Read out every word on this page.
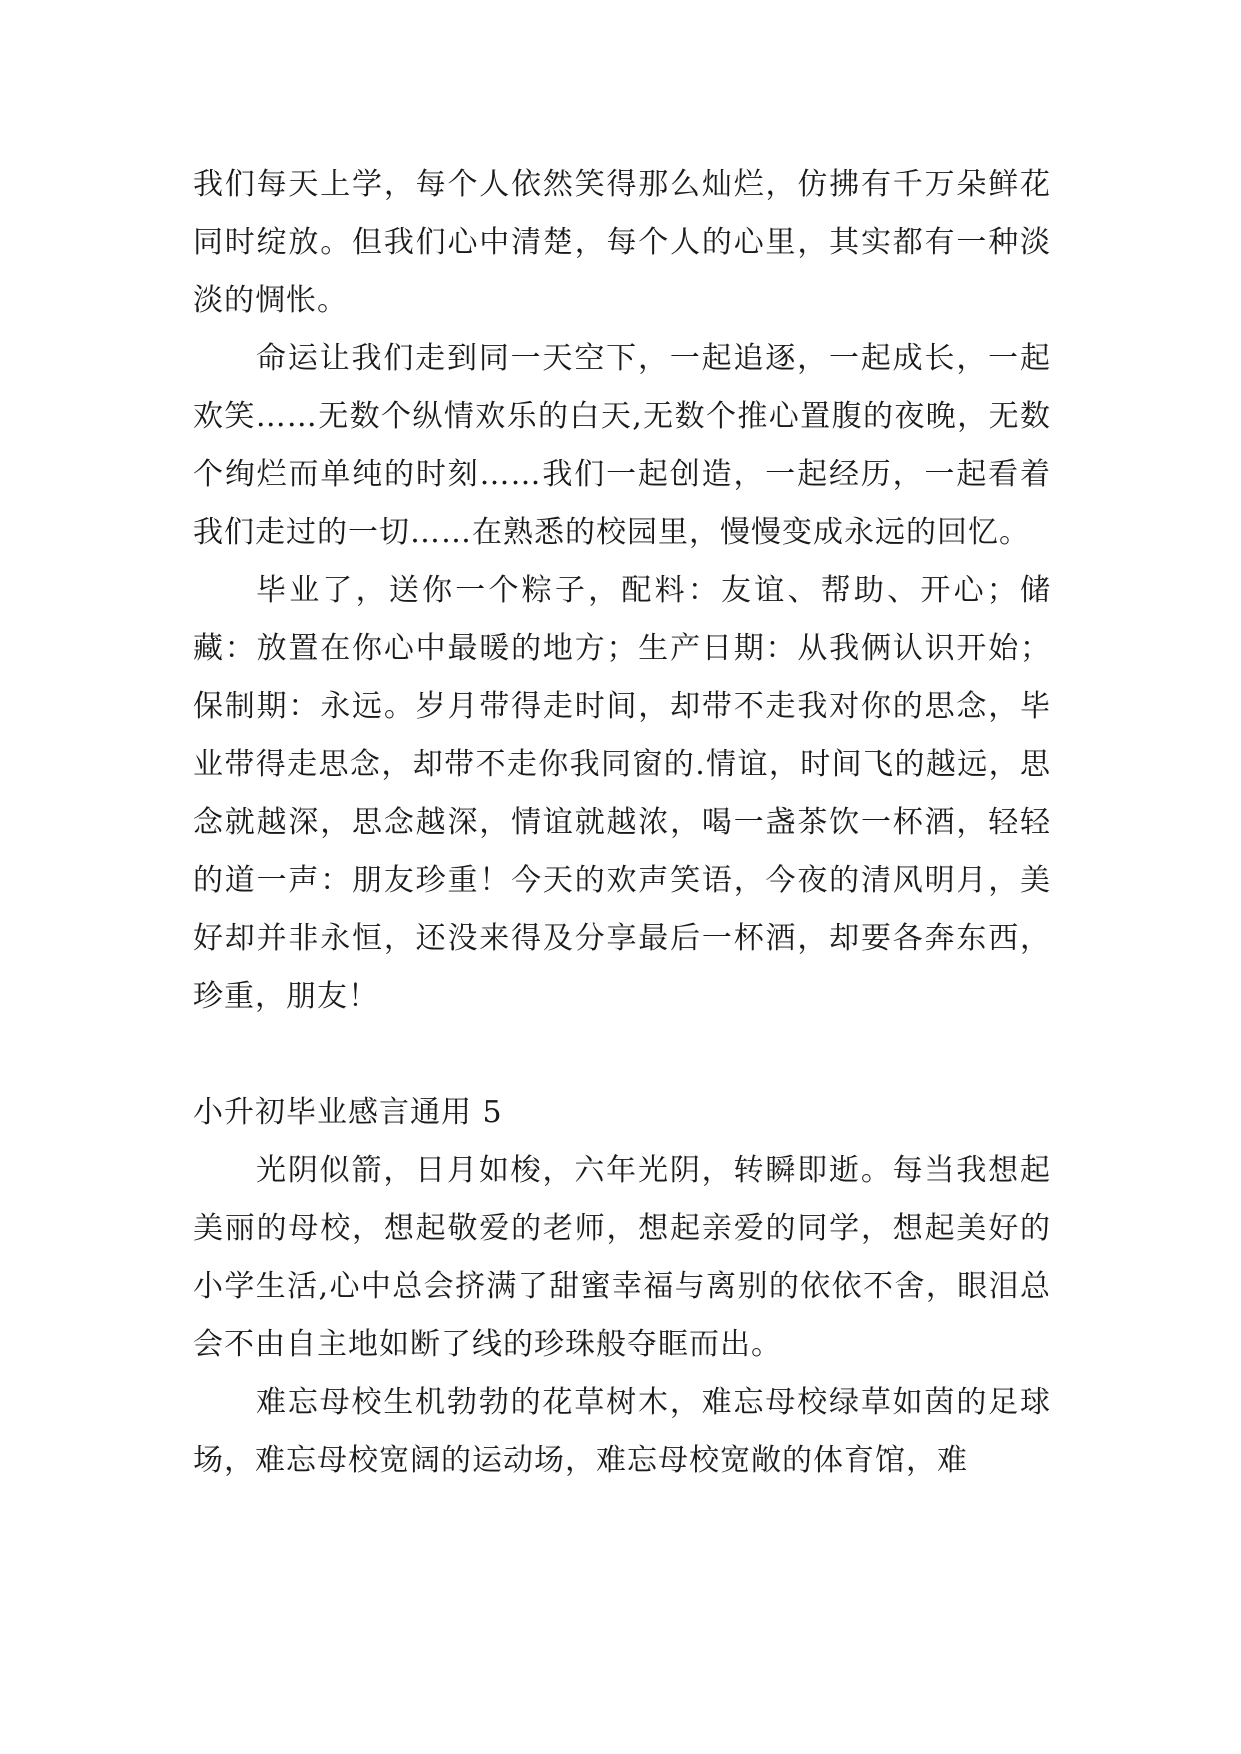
我们每天上学，每个人依然笑得那么灿烂，仿拂有千万朵鲜花同时绽放。但我们心中清楚，每个人的心里，其实都有一种淡淡的惆怅。

命运让我们走到同一天空下，一起追逐，一起成长，一起欢笑……无数个纵情欢乐的白天,无数个推心置腹的夜晚，无数个绚烂而单纯的时刻……我们一起创造，一起经历，一起看着我们走过的一切……在熟悉的校园里，慢慢变成永远的回忆。

毕业了，送你一个粽子，配料：友谊、帮助、开心；储藏：放置在你心中最暖的地方；生产日期：从我俩认识开始；保制期：永远。岁月带得走时间，却带不走我对你的思念，毕业带得走思念，却带不走你我同窗的.情谊，时间飞的越远，思念就越深，思念越深，情谊就越浓，喝一盏茶饮一杯酒，轻轻的道一声：朋友珍重！今天的欢声笑语，今夜的清风明月，美好却并非永恒，还没来得及分享最后一杯酒，却要各奔东西，珍重，朋友！

小升初毕业感言通用 5

光阴似箭，日月如梭，六年光阴，转瞬即逝。每当我想起美丽的母校，想起敬爱的老师，想起亲爱的同学，想起美好的小学生活,心中总会挤满了甜蜜幸福与离别的依依不舍，眼泪总会不由自主地如断了线的珍珠般夺眶而出。

难忘母校生机勃勃的花草树木，难忘母校绿草如茵的足球场，难忘母校宽阔的运动场，难忘母校宽敞的体育馆，难
